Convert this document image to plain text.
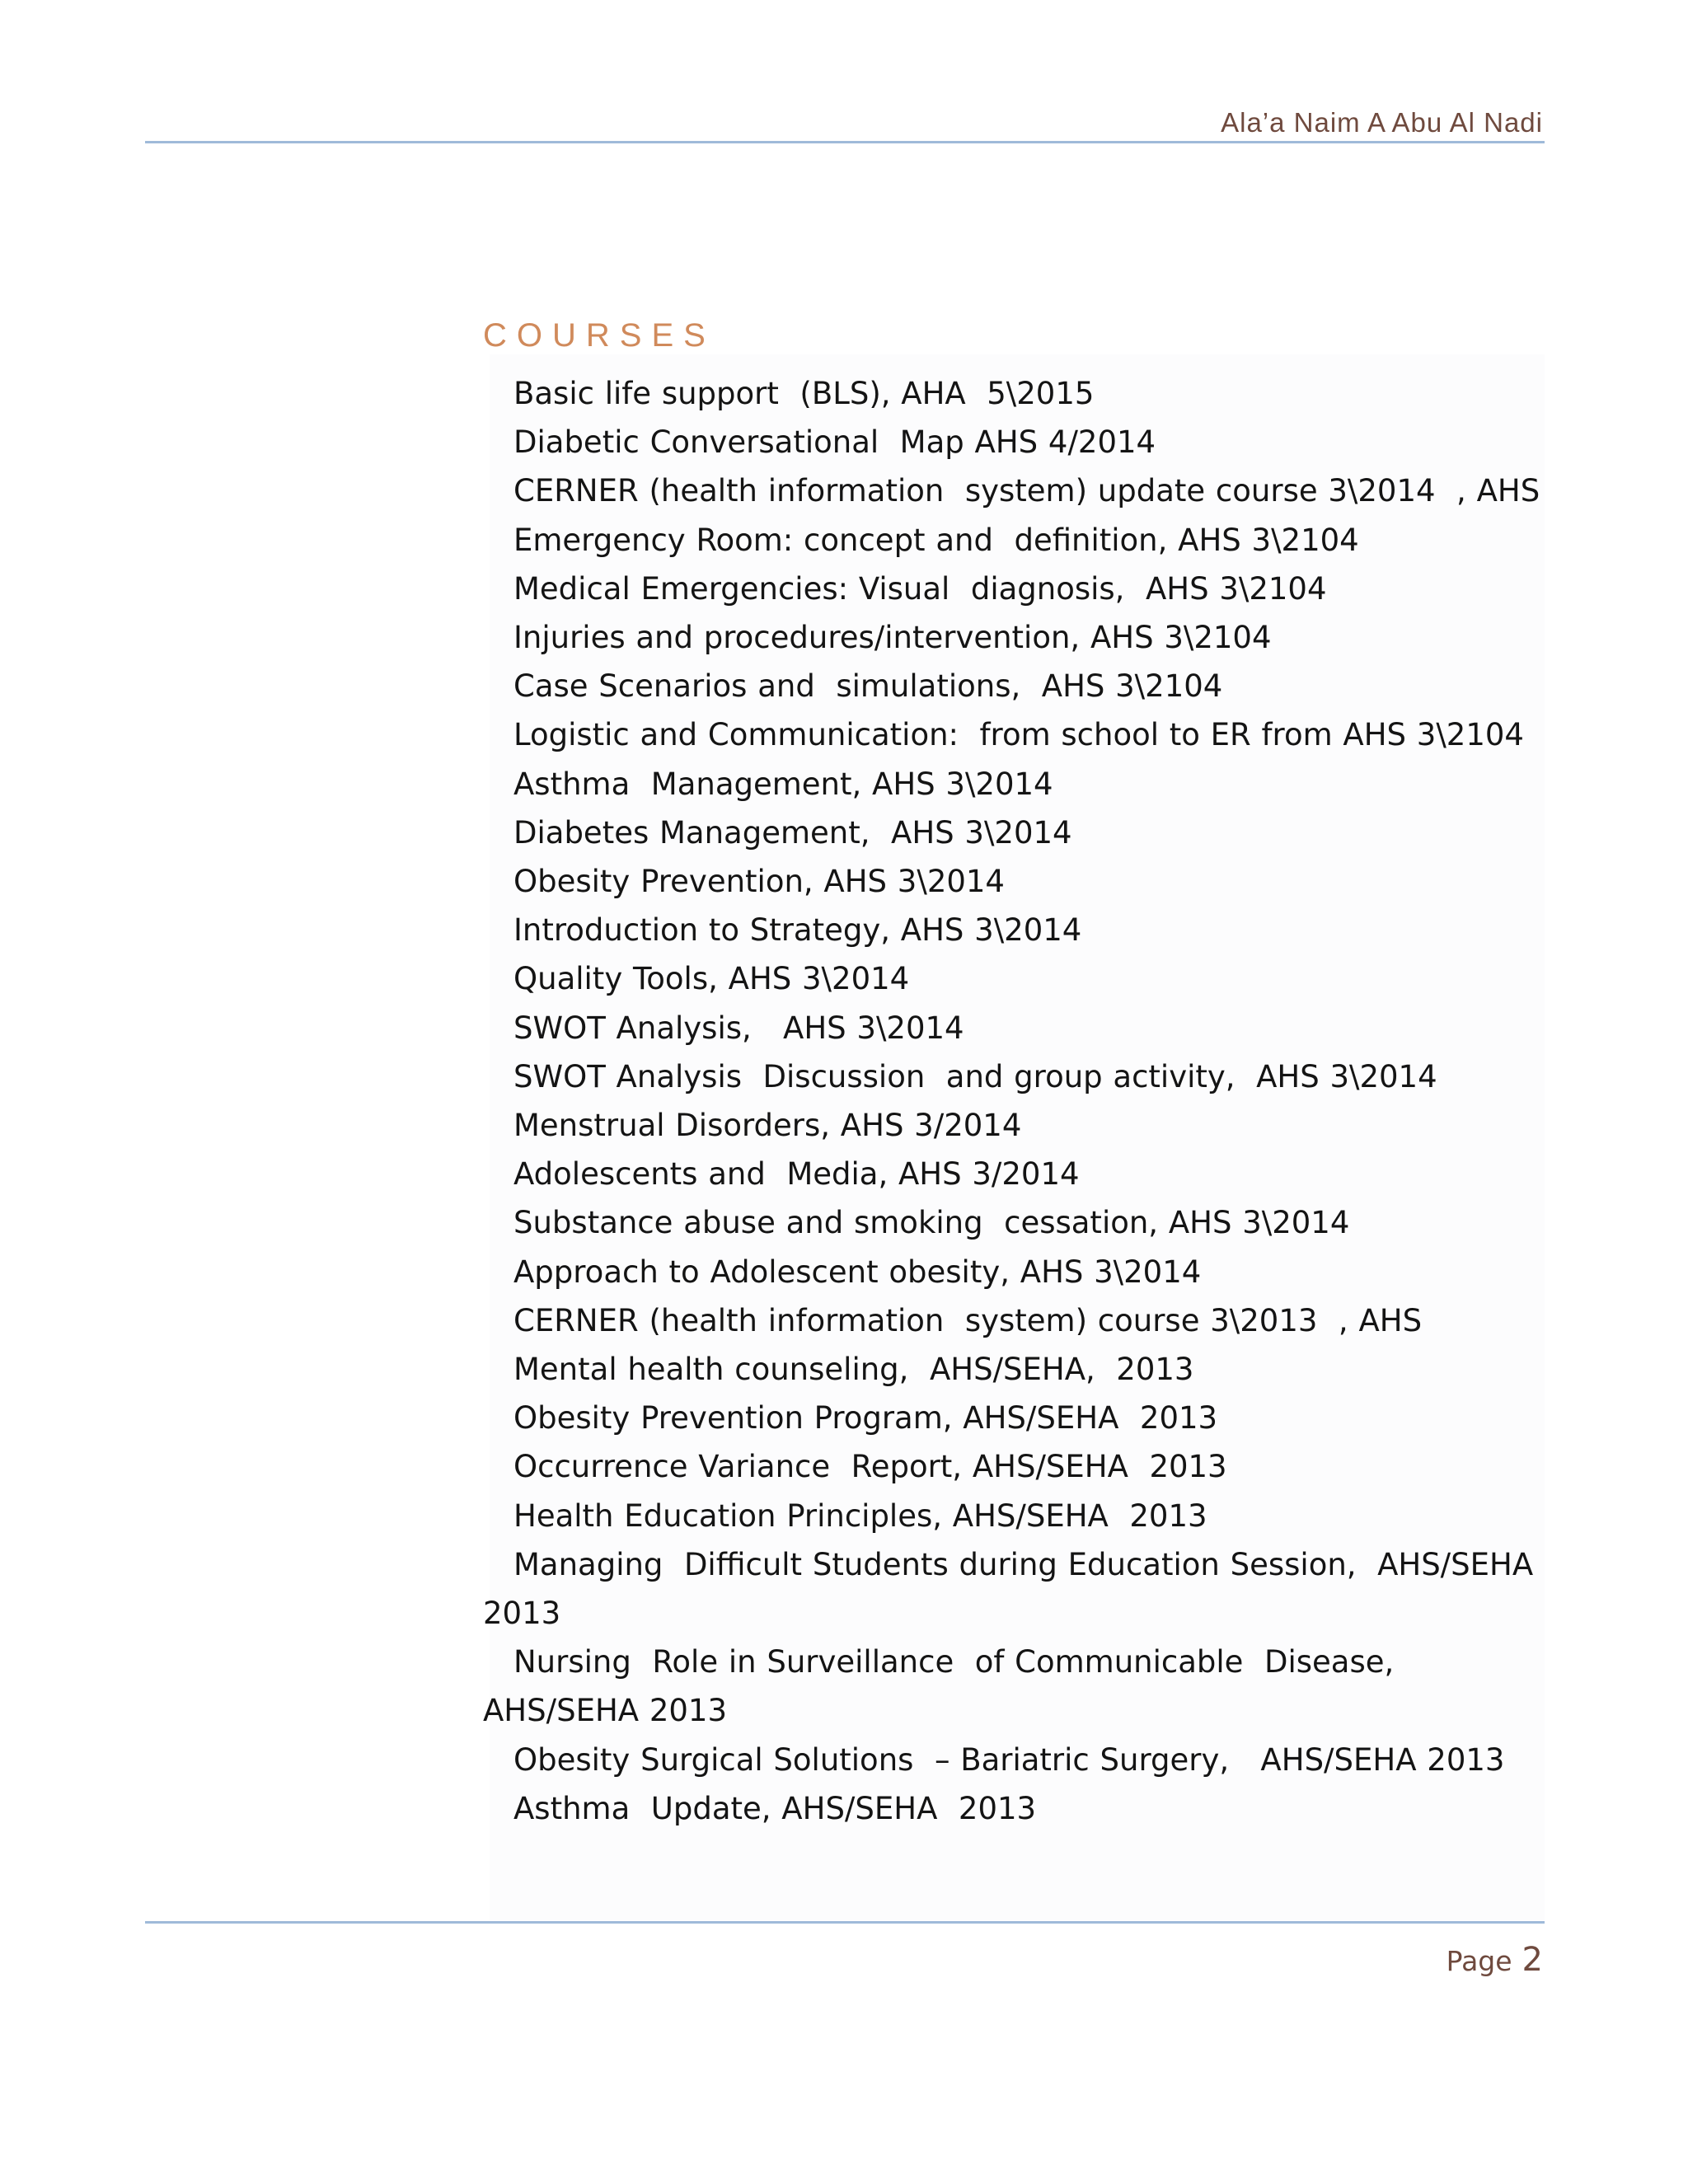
Ala’a Naim A Abu Al Nadi
COURSES
Basic life support  (BLS), AHA  5\2015
Diabetic Conversational  Map AHS 4/2014
CERNER (health information  system) update course 3\2014  , AHS
Emergency Room: concept and  definition, AHS 3\2104
Medical Emergencies: Visual  diagnosis,  AHS 3\2104
Injuries and procedures/intervention, AHS 3\2104
Case Scenarios and  simulations,  AHS 3\2104
Logistic and Communication:  from school to ER from AHS 3\2104
Asthma  Management, AHS 3\2014
Diabetes Management,  AHS 3\2014
Obesity Prevention, AHS 3\2014
Introduction to Strategy, AHS 3\2014
Quality Tools, AHS 3\2014
SWOT Analysis,   AHS 3\2014
SWOT Analysis  Discussion  and group activity,  AHS 3\2014
Menstrual Disorders, AHS 3/2014
Adolescents and  Media, AHS 3/2014
Substance abuse and smoking  cessation, AHS 3\2014
Approach to Adolescent obesity, AHS 3\2014
CERNER (health information  system) course 3\2013  , AHS
Mental health counseling,  AHS/SEHA,  2013
Obesity Prevention Program, AHS/SEHA  2013
Occurrence Variance  Report, AHS/SEHA  2013
Health Education Principles, AHS/SEHA  2013
Managing  Difficult Students during Education Session,  AHS/SEHA 2013
Nursing  Role in Surveillance  of Communicable  Disease, AHS/SEHA 2013
Obesity Surgical Solutions  – Bariatric Surgery,   AHS/SEHA 2013
Asthma  Update, AHS/SEHA  2013
Page 2
